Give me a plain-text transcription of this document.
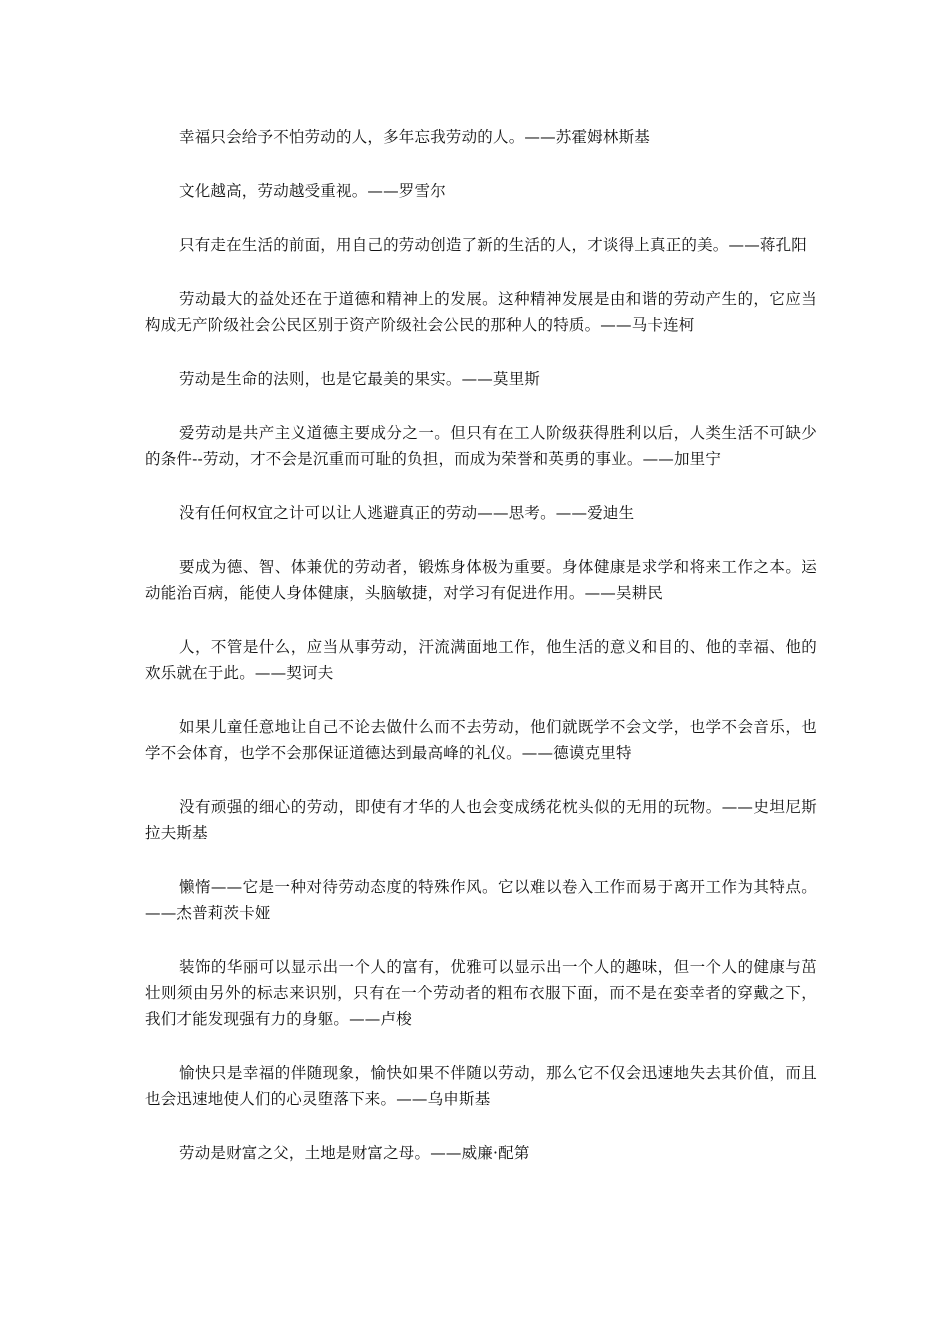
幸福只会给予不怕劳动的人，多年忘我劳动的人。——苏霍姆林斯基

文化越高，劳动越受重视。——罗雪尔

只有走在生活的前面，用自己的劳动创造了新的生活的人，才谈得上真正的美。——蒋孔阳

劳动最大的益处还在于道德和精神上的发展。这种精神发展是由和谐的劳动产生的，它应当构成无产阶级社会公民区别于资产阶级社会公民的那种人的特质。——马卡连柯

劳动是生命的法则，也是它最美的果实。——莫里斯

爱劳动是共产主义道德主要成分之一。但只有在工人阶级获得胜利以后，人类生活不可缺少的条件--劳动，才不会是沉重而可耻的负担，而成为荣誉和英勇的事业。——加里宁

没有任何权宜之计可以让人逃避真正的劳动——思考。——爱迪生

要成为德、智、体兼优的劳动者，锻炼身体极为重要。身体健康是求学和将来工作之本。运动能治百病，能使人身体健康，头脑敏捷，对学习有促进作用。——吴耕民

人，不管是什么，应当从事劳动，汗流满面地工作，他生活的意义和目的、他的幸福、他的欢乐就在于此。——契诃夫

如果儿童任意地让自己不论去做什么而不去劳动，他们就既学不会文学，也学不会音乐，也学不会体育，也学不会那保证道德达到最高峰的礼仪。——德谟克里特

没有顽强的细心的劳动，即使有才华的人也会变成绣花枕头似的无用的玩物。——史坦尼斯拉夫斯基

懒惰——它是一种对待劳动态度的特殊作风。它以难以卷入工作而易于离开工作为其特点。——杰普莉茨卡娅

装饰的华丽可以显示出一个人的富有，优雅可以显示出一个人的趣味，但一个人的健康与茁壮则须由另外的标志来识别，只有在一个劳动者的粗布衣服下面，而不是在娈幸者的穿戴之下，我们才能发现强有力的身躯。——卢梭

愉快只是幸福的伴随现象，愉快如果不伴随以劳动，那么它不仅会迅速地失去其价值，而且也会迅速地使人们的心灵堕落下来。——乌申斯基

劳动是财富之父，土地是财富之母。——威廉·配第
